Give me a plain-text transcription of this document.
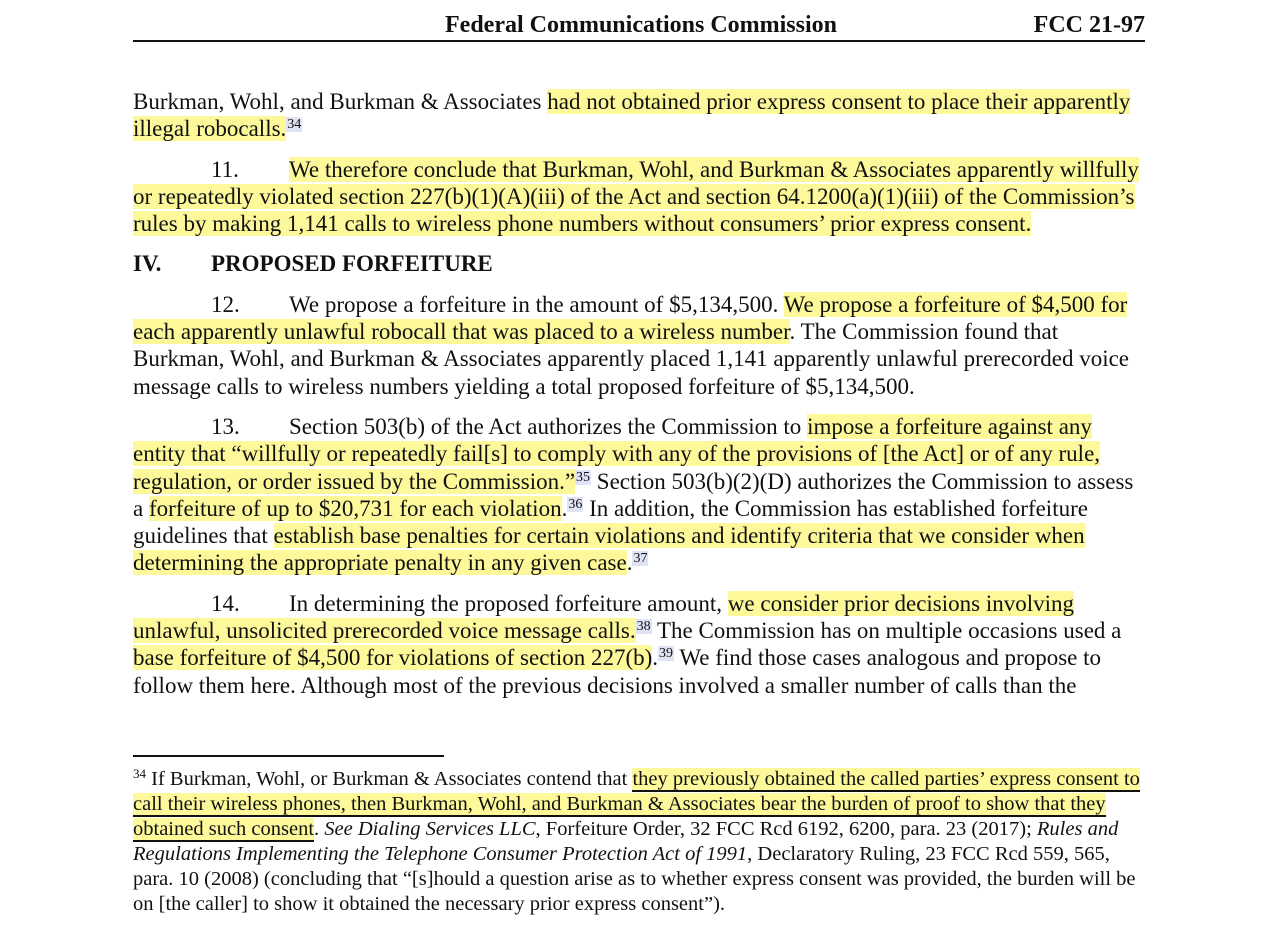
Federal Communications Commission	FCC 21-97

Burkman, Wohl, and Burkman & Associates had not obtained prior express consent to place their apparently illegal robocalls.$^{34}$

11. We therefore conclude that Burkman, Wohl, and Burkman & Associates apparently willfully or repeatedly violated section 227(b)(1)(A)(iii) of the Act and section 64.1200(a)(1)(iii) of the Commission’s rules by making 1,141 calls to wireless phone numbers without consumers’ prior express consent.

IV. PROPOSED FORFEITURE

12. We propose a forfeiture in the amount of $5,134,500. We propose a forfeiture of $4,500 for each apparently unlawful robocall that was placed to a wireless number. The Commission found that Burkman, Wohl, and Burkman & Associates apparently placed 1,141 apparently unlawful prerecorded voice message calls to wireless numbers yielding a total proposed forfeiture of $5,134,500.

13. Section 503(b) of the Act authorizes the Commission to impose a forfeiture against any entity that “willfully or repeatedly fail[s] to comply with any of the provisions of [the Act] or of any rule, regulation, or order issued by the Commission.”$^{35}$ Section 503(b)(2)(D) authorizes the Commission to assess a forfeiture of up to $20,731 for each violation.$^{36}$ In addition, the Commission has established forfeiture guidelines that establish base penalties for certain violations and identify criteria that we consider when determining the appropriate penalty in any given case.$^{37}$

14. In determining the proposed forfeiture amount, we consider prior decisions involving unlawful, unsolicited prerecorded voice message calls.$^{38}$ The Commission has on multiple occasions used a base forfeiture of $4,500 for violations of section 227(b).$^{39}$ We find those cases analogous and propose to follow them here. Although most of the previous decisions involved a smaller number of calls than the

$^{34}$ If Burkman, Wohl, or Burkman & Associates contend that they previously obtained the called parties’ express consent to call their wireless phones, then Burkman, Wohl, and Burkman & Associates bear the burden of proof to show that they obtained such consent. See Dialing Services LLC, Forfeiture Order, 32 FCC Rcd 6192, 6200, para. 23 (2017); Rules and Regulations Implementing the Telephone Consumer Protection Act of 1991, Declaratory Ruling, 23 FCC Rcd 559, 565, para. 10 (2008) (concluding that “[s]hould a question arise as to whether express consent was provided, the burden will be on [the caller] to show it obtained the necessary prior express consent”).
